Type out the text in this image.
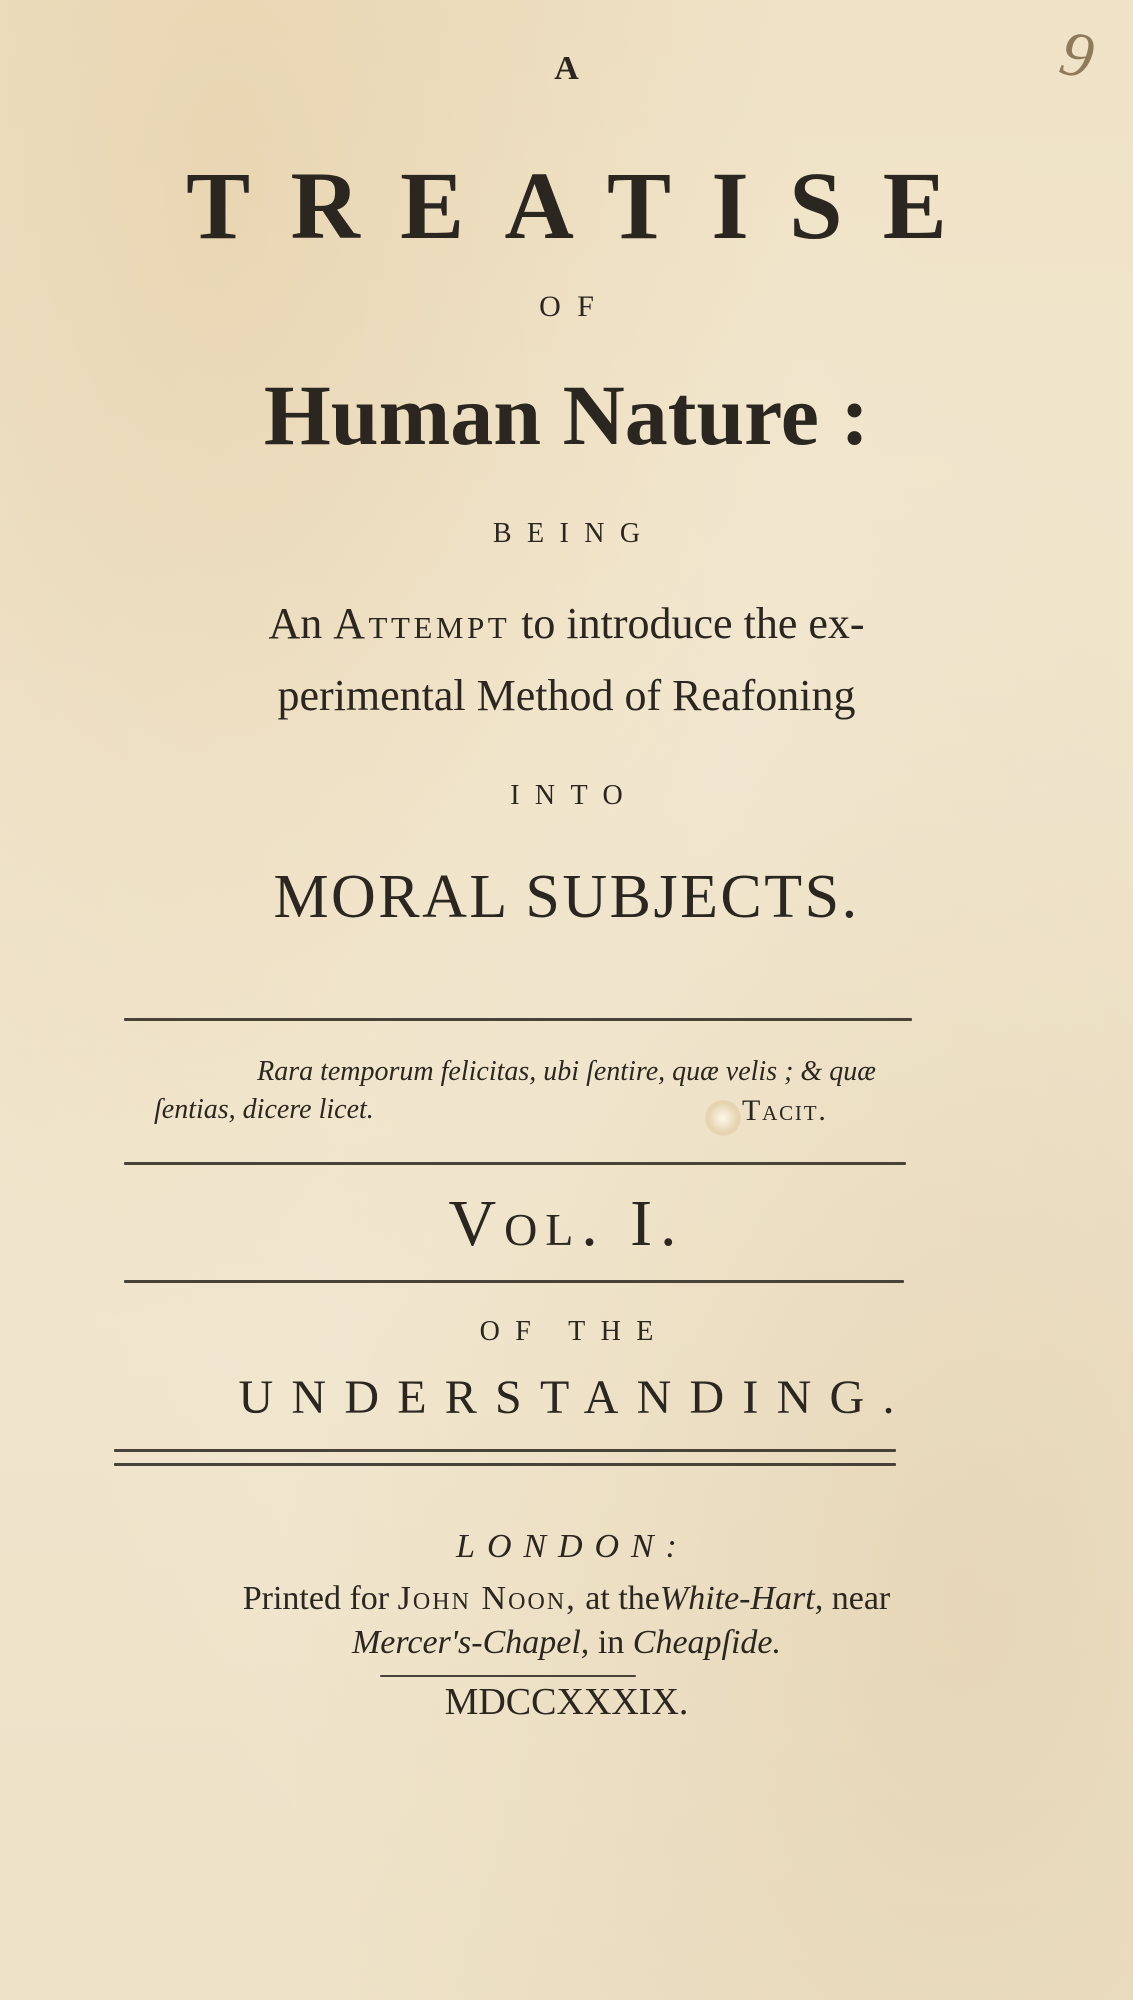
9
A
TREATISE
OF
Human Nature :
BEING
An Attempt to introduce the ex-
perimental Method of Reafoning
INTO
MORAL SUBJECTS.
Rara temporum felicitas, ubi ſentire, quæ velis ; & quæ
ſentias, dicere licet.	Tacit.
Vol. I.
OF THE
UNDERSTANDING.
LONDON:
Printed for John Noon, at theWhite-Hart, near
Mercer's-Chapel, in Cheapſide.
MDCCXXXIX.
